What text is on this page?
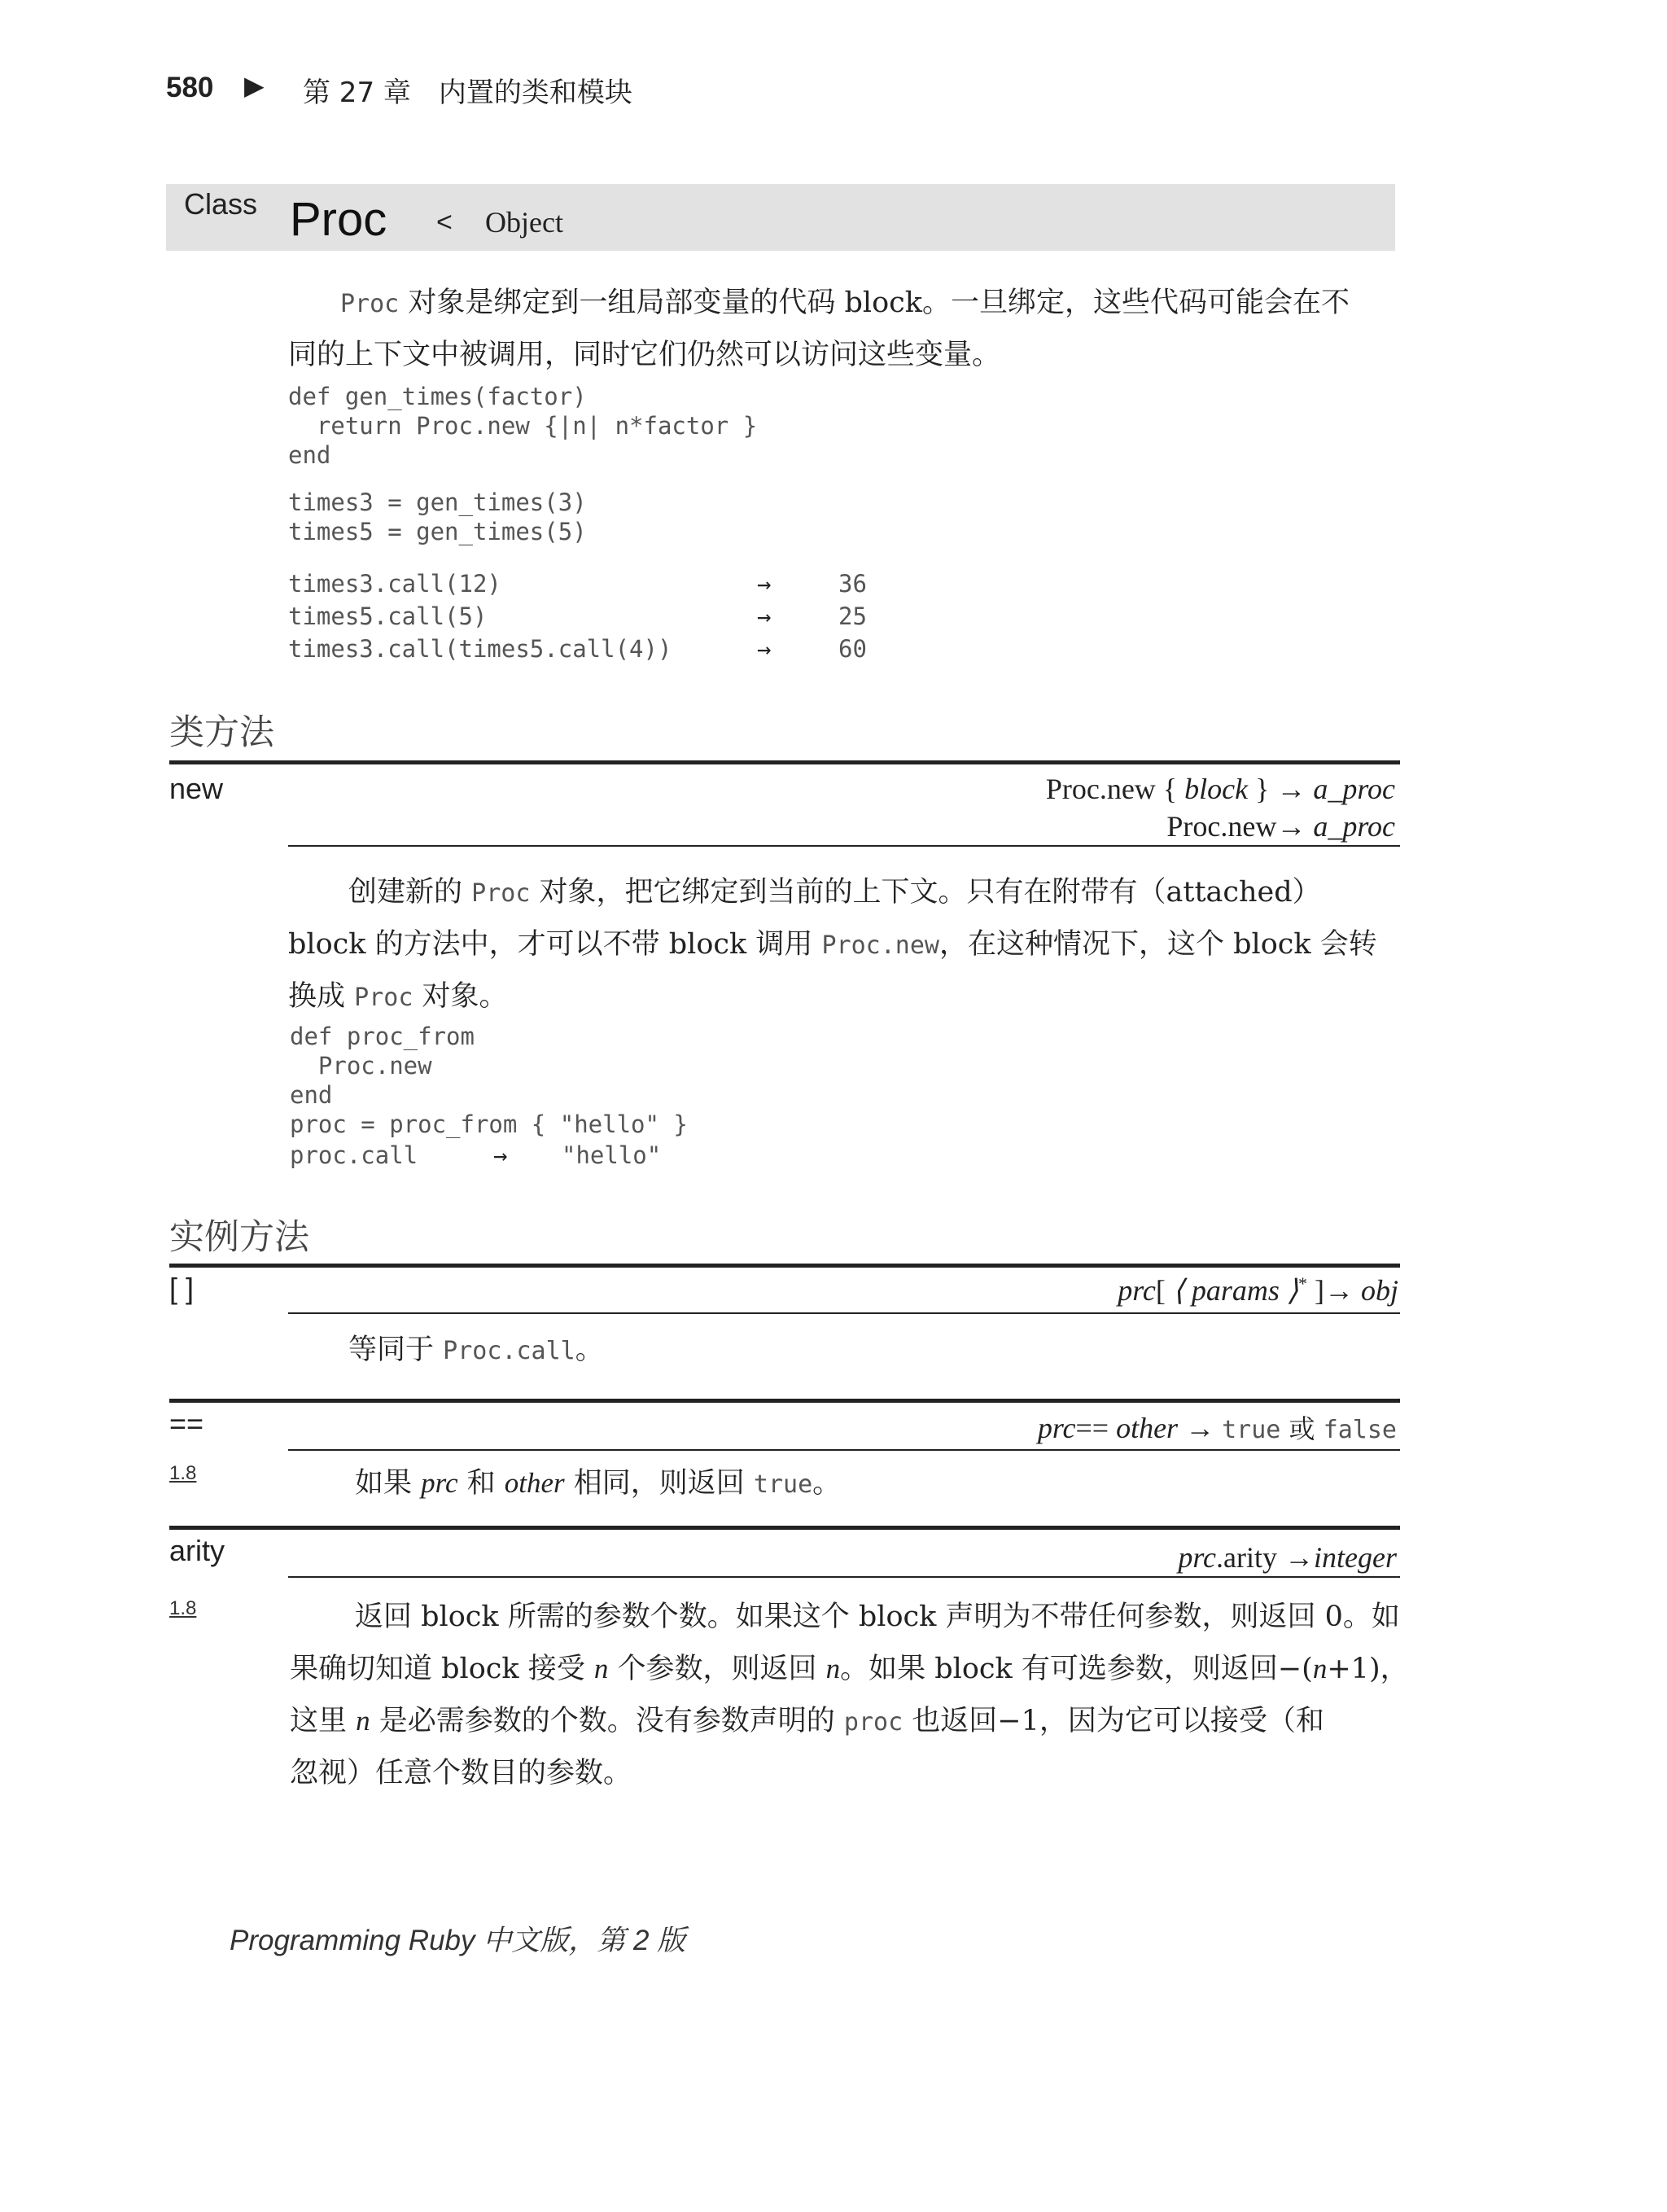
580 ▶ 第 27 章　内置的类和模块
Class Proc < Object
Proc 对象是绑定到一组局部变量的代码 block。一旦绑定，这些代码可能会在不
同的上下文中被调用，同时它们仍然可以访问这些变量。
def gen_times(factor)
return Proc.new {|n| n*factor }
end
times3 = gen_times(3)
times5 = gen_times(5)
times3.call(12)	→	36
times5.call(5)	→	25
times3.call(times5.call(4))	→	60
类方法
new	Proc.new { block } → a_proc
Proc.new→ a_proc
创建新的 Proc 对象，把它绑定到当前的上下文。只有在附带有（attached）
block 的方法中，才可以不带 block 调用 Proc.new，在这种情况下，这个 block 会转
换成 Proc 对象。
def proc_from
Proc.new
end
proc = proc_from { "hello" }
proc.call	→ "hello"
实例方法
[ ]	prc[ ⟨ params ⟩* ]→ obj
等同于 Proc.call。
==	prc== other → true 或 false
1.8	如果 prc 和 other 相同，则返回 true。
arity	prc.arity →integer
1.8	返回 block 所需的参数个数。如果这个 block 声明为不带任何参数，则返回 0。如
果确切知道 block 接受 n 个参数，则返回 n。如果 block 有可选参数，则返回−(n+1)，
这里 n 是必需参数的个数。没有参数声明的 proc 也返回−1，因为它可以接受（和
忽视）任意个数目的参数。
Programming Ruby 中文版，第 2 版
